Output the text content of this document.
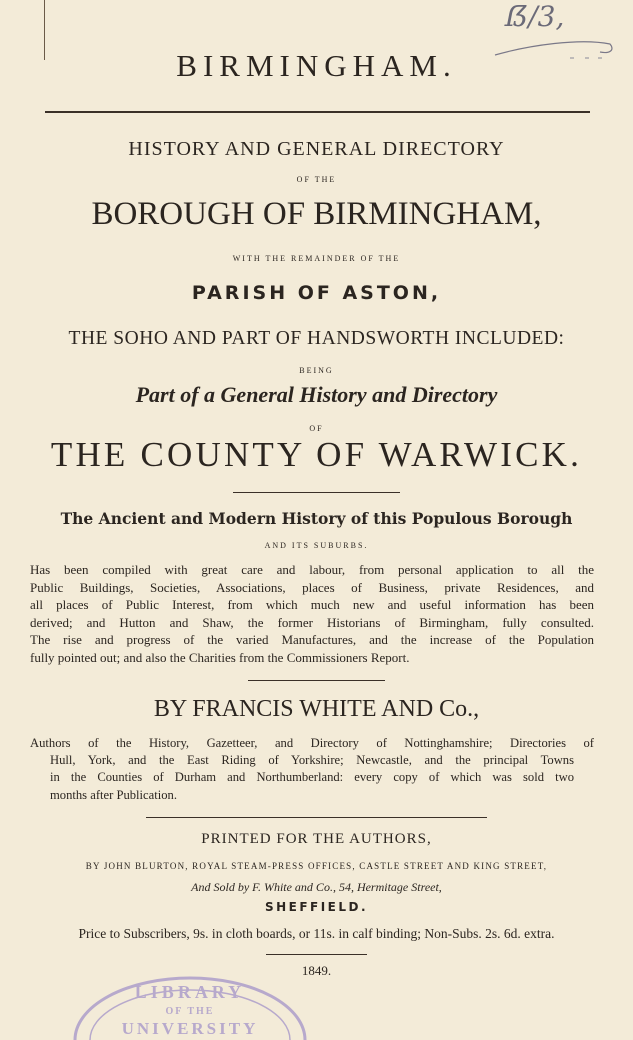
ẞ/3,
BIRMINGHAM.
HISTORY AND GENERAL DIRECTORY
OF THE
BOROUGH OF BIRMINGHAM,
WITH THE REMAINDER OF THE
PARISH OF ASTON,
THE SOHO AND PART OF HANDSWORTH INCLUDED:
BEING
Part of a General History and Directory
OF
THE COUNTY OF WARWICK.
The Ancient and Modern History of this Populous Borough
AND ITS SUBURBS.
Has been compiled with great care and labour, from personal application to all the
Public Buildings, Societies, Associations, places of Business, private Residences, and
all places of Public Interest, from which much new and useful information has been
derived; and Hutton and Shaw, the former Historians of Birmingham, fully consulted.
The rise and progress of the varied Manufactures, and the increase of the Population
fully pointed out; and also the Charities from the Commissioners Report.
BY FRANCIS WHITE AND Co.,
Authors of the History, Gazetteer, and Directory of Nottinghamshire; Directories of
Hull, York, and the East Riding of Yorkshire; Newcastle, and the principal Towns
in the Counties of Durham and Northumberland: every copy of which was sold two
months after Publication.
PRINTED FOR THE AUTHORS,
BY JOHN BLURTON, ROYAL STEAM-PRESS OFFICES, CASTLE STREET AND KING STREET,
And Sold by F. White and Co., 54, Hermitage Street,
SHEFFIELD.
Price to Subscribers, 9s. in cloth boards, or 11s. in calf binding; Non-Subs. 2s. 6d. extra.
1849.
LIBRARY
OF THE
UNIVERSITY
